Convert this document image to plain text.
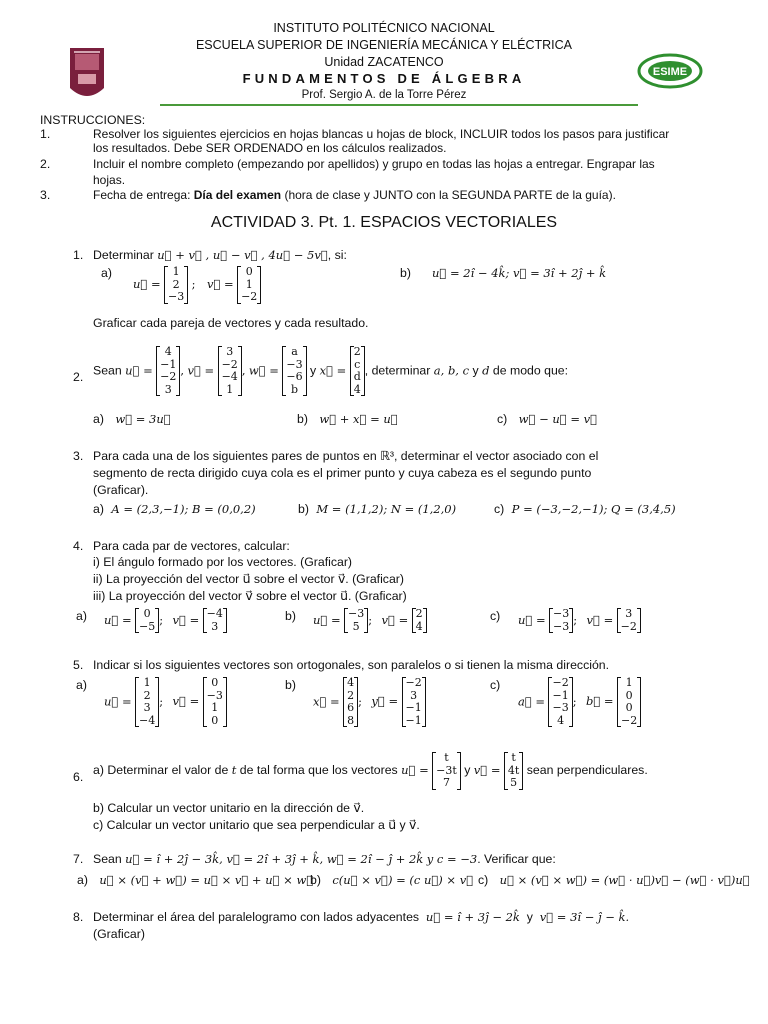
INSTITUTO POLITÉCNICO NACIONAL
ESCUELA SUPERIOR DE INGENIERÍA MECÁNICA Y ELÉCTRICA
Unidad ZACATENCO
FUNDAMENTOS DE ÁLGEBRA
Prof. Sergio A. de la Torre Pérez
ESIME
INSTRUCCIONES:
1.	Resolver los siguientes ejercicios en hojas blancas u hojas de block, INCLUIR todos los pasos para justificar
los resultados. Debe SER ORDENADO en los cálculos realizados.
2.	Incluir el nombre completo (empezando por apellidos) y grupo en todas las hojas a entregar. Engrapar las
hojas.
3.	Fecha de entrega: Día del examen (hora de clase y JUNTO con la SEGUNDA PARTE de la guía).
ACTIVIDAD 3. Pt. 1. ESPACIOS VECTORIALES
1. Determinar u⃗ + v⃗ , u⃗ − v⃗ , 4u⃗ − 5v⃗, si:
a)
u⃗ =
1
2
−3
; v⃗ =
0
1
−2
b) u⃗ = 2î − 4k̂; v⃗ = 3î + 2ĵ + k̂
Graficar cada pareja de vectores y cada resultado.
2. Sean u⃗ =
4
−1
−2
3
, v⃗ =
3
−2
−4
1
, w⃗ =
a
−3
−6
b
y x⃗ =
2
c
d
4
, determinar a, b, c y d de modo que:
a) w⃗ = 3u⃗	b) w⃗ + x⃗ = u⃗	c) w⃗ − u⃗ = v⃗
3. Para cada una de los siguientes pares de puntos en ℝ³, determinar el vector asociado con el
segmento de recta dirigido cuya cola es el primer punto y cuya cabeza es el segundo punto
(Graficar).
a) A = (2,3,−1); B = (0,0,2)	b) M = (1,1,2); N = (1,2,0)	c) P = (−3,−2,−1); Q = (3,4,5)
4. Para cada par de vectores, calcular:
i) El ángulo formado por los vectores. (Graficar)
ii) La proyección del vector u⃗ sobre el vector v⃗. (Graficar)
iii) La proyección del vector v⃗ sobre el vector u⃗. (Graficar)
a) u⃗ =	0
−5 ; v⃗ = −4
3
b) u⃗ = −3
5 ; v⃗ = 2
4
c) u⃗ = −3
−3 ; v⃗ =	3
−2
5. Indicar si los siguientes vectores son ortogonales, son paralelos o si tienen la misma dirección.
a)
u⃗ =
1
2
3
−4
; v⃗ =
0
−3
1
0
b)
x⃗ =
4
2
6
8
; y⃗ =
−2
3
−1
−1
c)
a⃗ =
−2
−1
−3
4
; b⃗ =
1
0
0
−2
6. a) Determinar el valor de t de tal forma que los vectores u⃗ =
t
−3t
7
y v⃗ =
t
4t
5
sean perpendiculares.
b) Calcular un vector unitario en la dirección de v⃗.
c) Calcular un vector unitario que sea perpendicular a u⃗ y v⃗.
7. Sean u⃗ = î + 2ĵ − 3k̂, v⃗ = 2î + 3ĵ + k̂, w⃗ = 2î − ĵ + 2k̂ y c = −3. Verificar que:
a) u⃗ × (v⃗ + w⃗) = u⃗ × v⃗ + u⃗ × w⃗
b) c(u⃗ × v⃗) = (c u⃗) × v⃗ c) u⃗ × (v⃗ × w⃗) = (w⃗ · u⃗)v⃗ − (w⃗ · v⃗)u⃗
8. Determinar el área del paralelogramo con lados adyacentes u⃗ = î + 3ĵ − 2k̂ y v⃗ = 3î − ĵ − k̂.
(Graficar)
